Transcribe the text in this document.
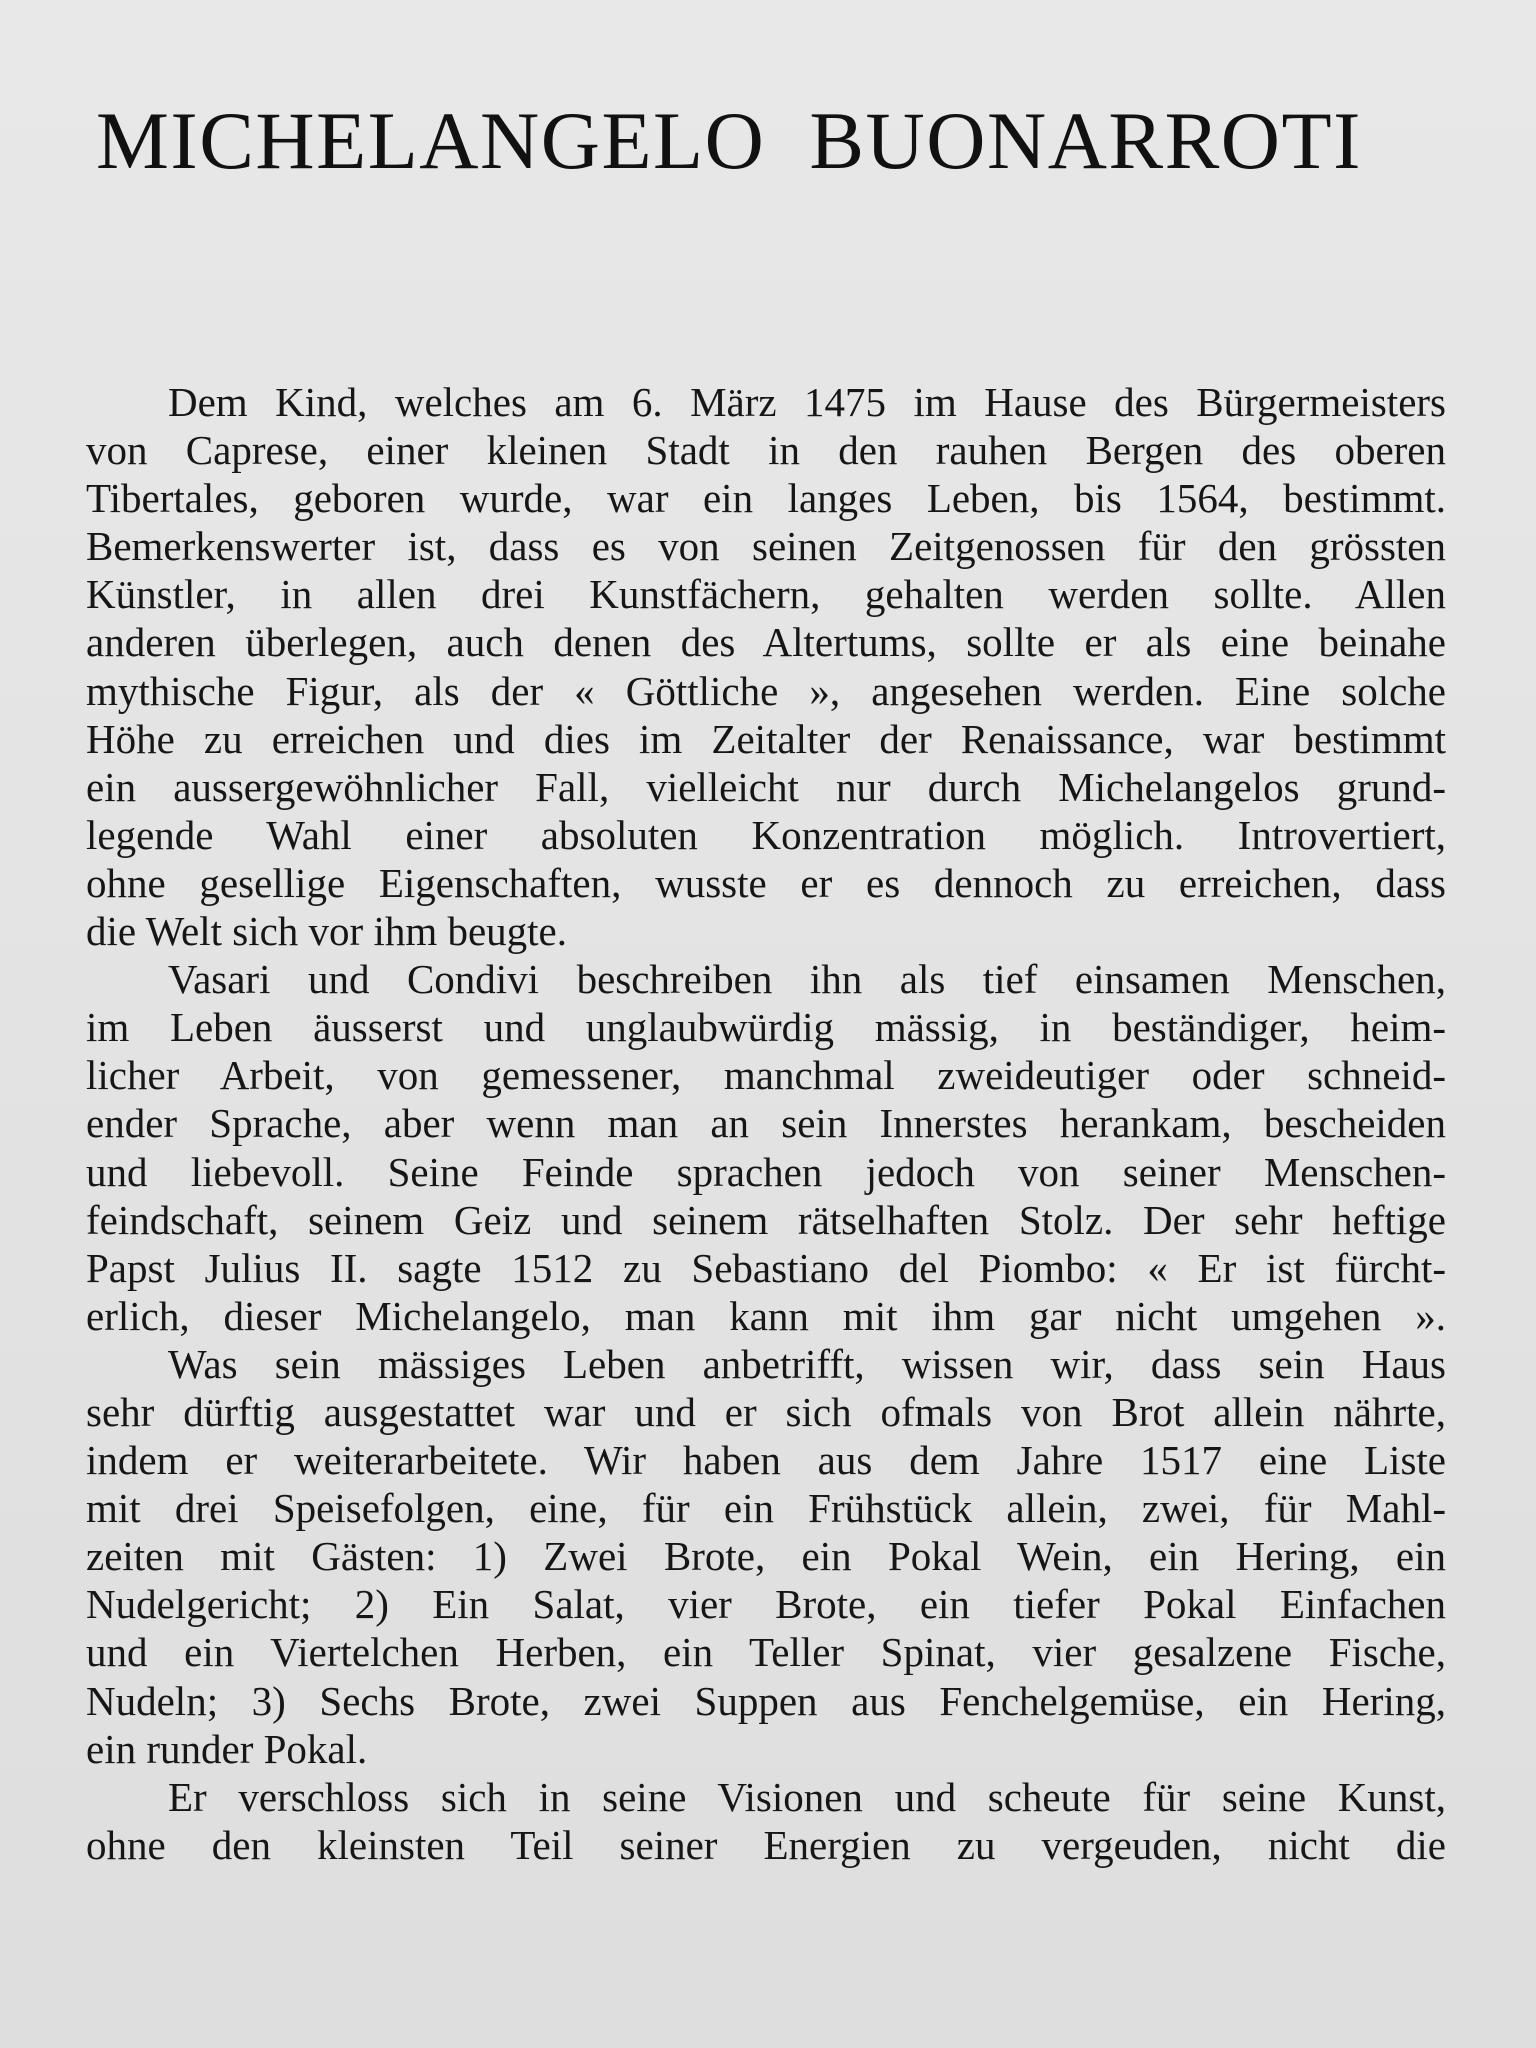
MICHELANGELO BUONARROTI
Dem Kind, welches am 6. März 1475 im Hause des Bürgermeisters
von Caprese, einer kleinen Stadt in den rauhen Bergen des oberen
Tibertales, geboren wurde, war ein langes Leben, bis 1564, bestimmt.
Bemerkenswerter ist, dass es von seinen Zeitgenossen für den grössten
Künstler, in allen drei Kunstfächern, gehalten werden sollte. Allen
anderen überlegen, auch denen des Altertums, sollte er als eine beinahe
mythische Figur, als der « Göttliche », angesehen werden. Eine solche
Höhe zu erreichen und dies im Zeitalter der Renaissance, war bestimmt
ein aussergewöhnlicher Fall, vielleicht nur durch Michelangelos grund-
legende Wahl einer absoluten Konzentration möglich. Introvertiert,
ohne gesellige Eigenschaften, wusste er es dennoch zu erreichen, dass
die Welt sich vor ihm beugte.
Vasari und Condivi beschreiben ihn als tief einsamen Menschen,
im Leben äusserst und unglaubwürdig mässig, in beständiger, heim-
licher Arbeit, von gemessener, manchmal zweideutiger oder schneid-
ender Sprache, aber wenn man an sein Innerstes herankam, bescheiden
und liebevoll. Seine Feinde sprachen jedoch von seiner Menschen-
feindschaft, seinem Geiz und seinem rätselhaften Stolz. Der sehr heftige
Papst Julius II. sagte 1512 zu Sebastiano del Piombo: « Er ist fürcht-
erlich, dieser Michelangelo, man kann mit ihm gar nicht umgehen ».
Was sein mässiges Leben anbetrifft, wissen wir, dass sein Haus
sehr dürftig ausgestattet war und er sich ofmals von Brot allein nährte,
indem er weiterarbeitete. Wir haben aus dem Jahre 1517 eine Liste
mit drei Speisefolgen, eine, für ein Frühstück allein, zwei, für Mahl-
zeiten mit Gästen: 1) Zwei Brote, ein Pokal Wein, ein Hering, ein
Nudelgericht; 2) Ein Salat, vier Brote, ein tiefer Pokal Einfachen
und ein Viertelchen Herben, ein Teller Spinat, vier gesalzene Fische,
Nudeln; 3) Sechs Brote, zwei Suppen aus Fenchelgemüse, ein Hering,
ein runder Pokal.
Er verschloss sich in seine Visionen und scheute für seine Kunst,
ohne den kleinsten Teil seiner Energien zu vergeuden, nicht die
